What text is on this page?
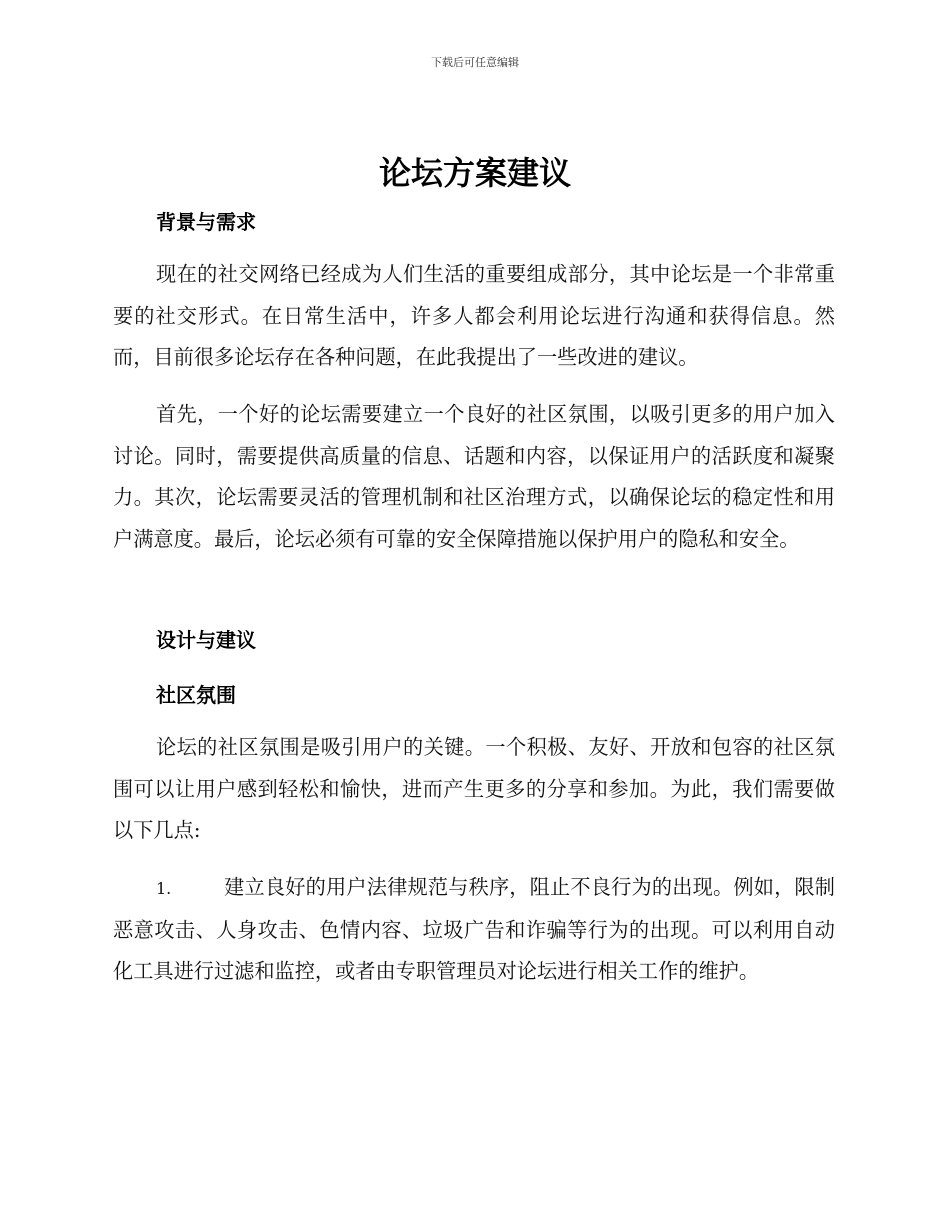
下载后可任意编辑

论坛方案建议
背景与需求

现在的社交网络已经成为人们生活的重要组成部分，其中论坛是一个非常重要的社交形式。在日常生活中，许多人都会利用论坛进行沟通和获得信息。然而，目前很多论坛存在各种问题，在此我提出了一些改进的建议。

首先，一个好的论坛需要建立一个良好的社区氛围，以吸引更多的用户加入讨论。同时，需要提供高质量的信息、话题和内容，以保证用户的活跃度和凝聚力。其次，论坛需要灵活的管理机制和社区治理方式，以确保论坛的稳定性和用户满意度。最后，论坛必须有可靠的安全保障措施以保护用户的隐私和安全。

设计与建议
社区氛围

论坛的社区氛围是吸引用户的关键。一个积极、友好、开放和包容的社区氛围可以让用户感到轻松和愉快，进而产生更多的分享和参加。为此，我们需要做以下几点:

1.	建立良好的用户法律规范与秩序，阻止不良行为的出现。例如，限制恶意攻击、人身攻击、色情内容、垃圾广告和诈骗等行为的出现。可以利用自动化工具进行过滤和监控，或者由专职管理员对论坛进行相关工作的维护。
